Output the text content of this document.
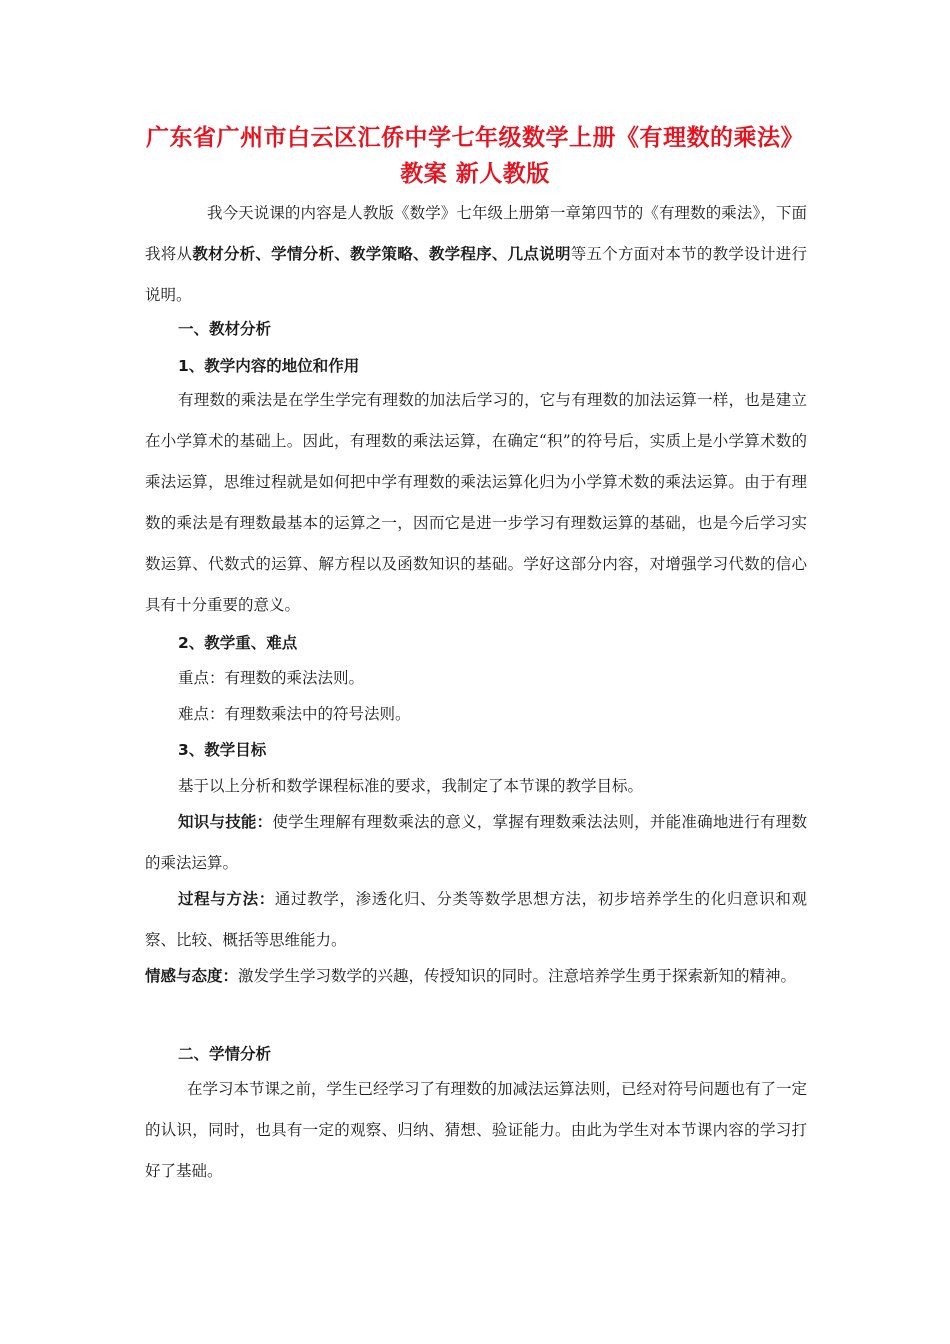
广东省广州市白云区汇侨中学七年级数学上册《有理数的乘法》教案 新人教版

我今天说课的内容是人教版《数学》七年级上册第一章第四节的《有理数的乘法》，下面我将从教材分析、学情分析、教学策略、教学程序、几点说明等五个方面对本节的教学设计进行说明。

一、教材分析

1、教学内容的地位和作用

有理数的乘法是在学生学完有理数的加法后学习的，它与有理数的加法运算一样，也是建立在小学算术的基础上。因此，有理数的乘法运算，在确定“积”的符号后，实质上是小学算术数的乘法运算，思维过程就是如何把中学有理数的乘法运算化归为小学算术数的乘法运算。由于有理数的乘法是有理数最基本的运算之一，因而它是进一步学习有理数运算的基础，也是今后学习实数运算、代数式的运算、解方程以及函数知识的基础。学好这部分内容，对增强学习代数的信心具有十分重要的意义。

2、教学重、难点

重点：有理数的乘法法则。

难点：有理数乘法中的符号法则。

3、教学目标

基于以上分析和数学课程标准的要求，我制定了本节课的教学目标。

知识与技能：使学生理解有理数乘法的意义，掌握有理数乘法法则，并能准确地进行有理数的乘法运算。

过程与方法：通过教学，渗透化归、分类等数学思想方法，初步培养学生的化归意识和观察、比较、概括等思维能力。

情感与态度：激发学生学习数学的兴趣，传授知识的同时。注意培养学生勇于探索新知的精神。

二、学情分析

在学习本节课之前，学生已经学习了有理数的加减法运算法则，已经对符号问题也有了一定的认识，同时，也具有一定的观察、归纳、猜想、验证能力。由此为学生对本节课内容的学习打好了基础。
